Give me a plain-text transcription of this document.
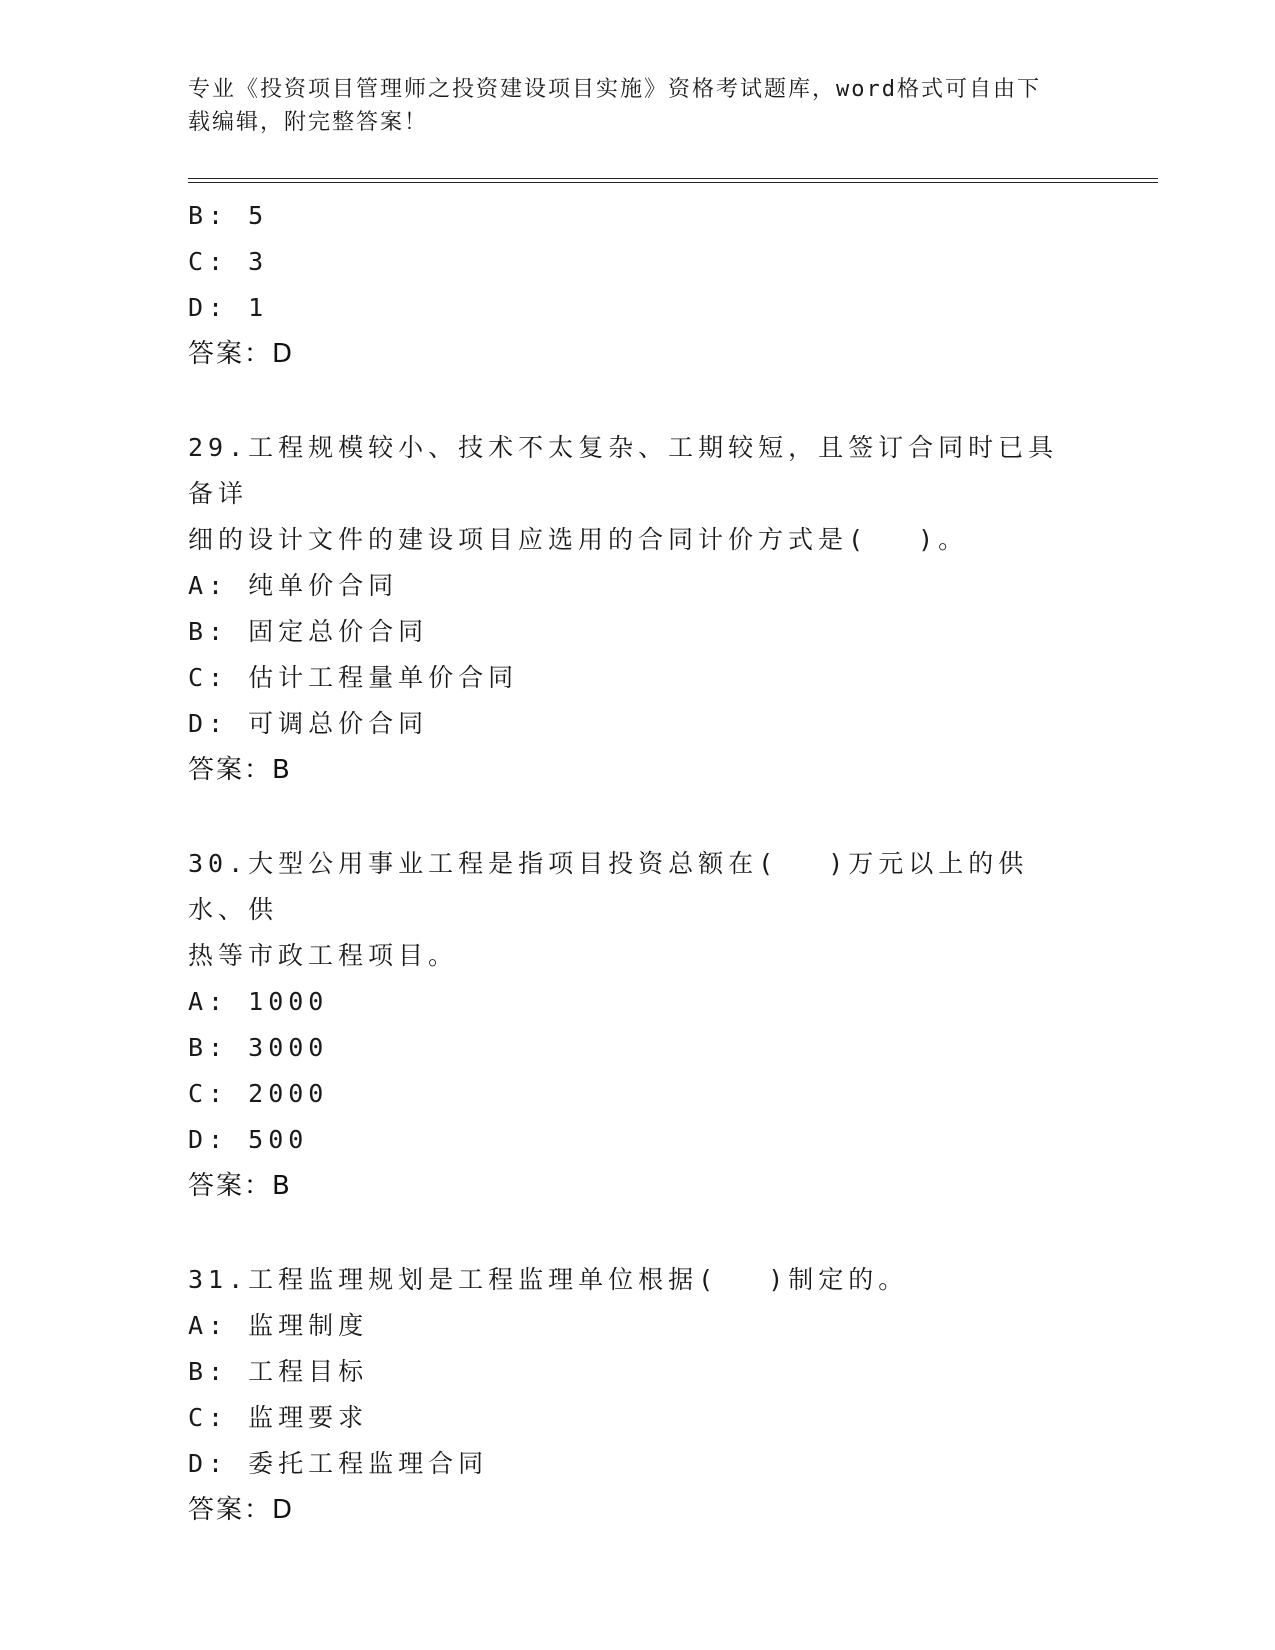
专业《投资项目管理师之投资建设项目实施》资格考试题库，word格式可自由下
载编辑，附完整答案！
B: 5
C: 3
D: 1
答案：D
29.工程规模较小、技术不太复杂、工期较短，且签订合同时已具备详
细的设计文件的建设项目应选用的合同计价方式是(　 )。
A: 纯单价合同
B: 固定总价合同
C: 估计工程量单价合同
D: 可调总价合同
答案：B
30.大型公用事业工程是指项目投资总额在(　 )万元以上的供水、供
热等市政工程项目。
A: 1000
B: 3000
C: 2000
D: 500
答案：B
31.工程监理规划是工程监理单位根据(　 )制定的。
A: 监理制度
B: 工程目标
C: 监理要求
D: 委托工程监理合同
答案：D
